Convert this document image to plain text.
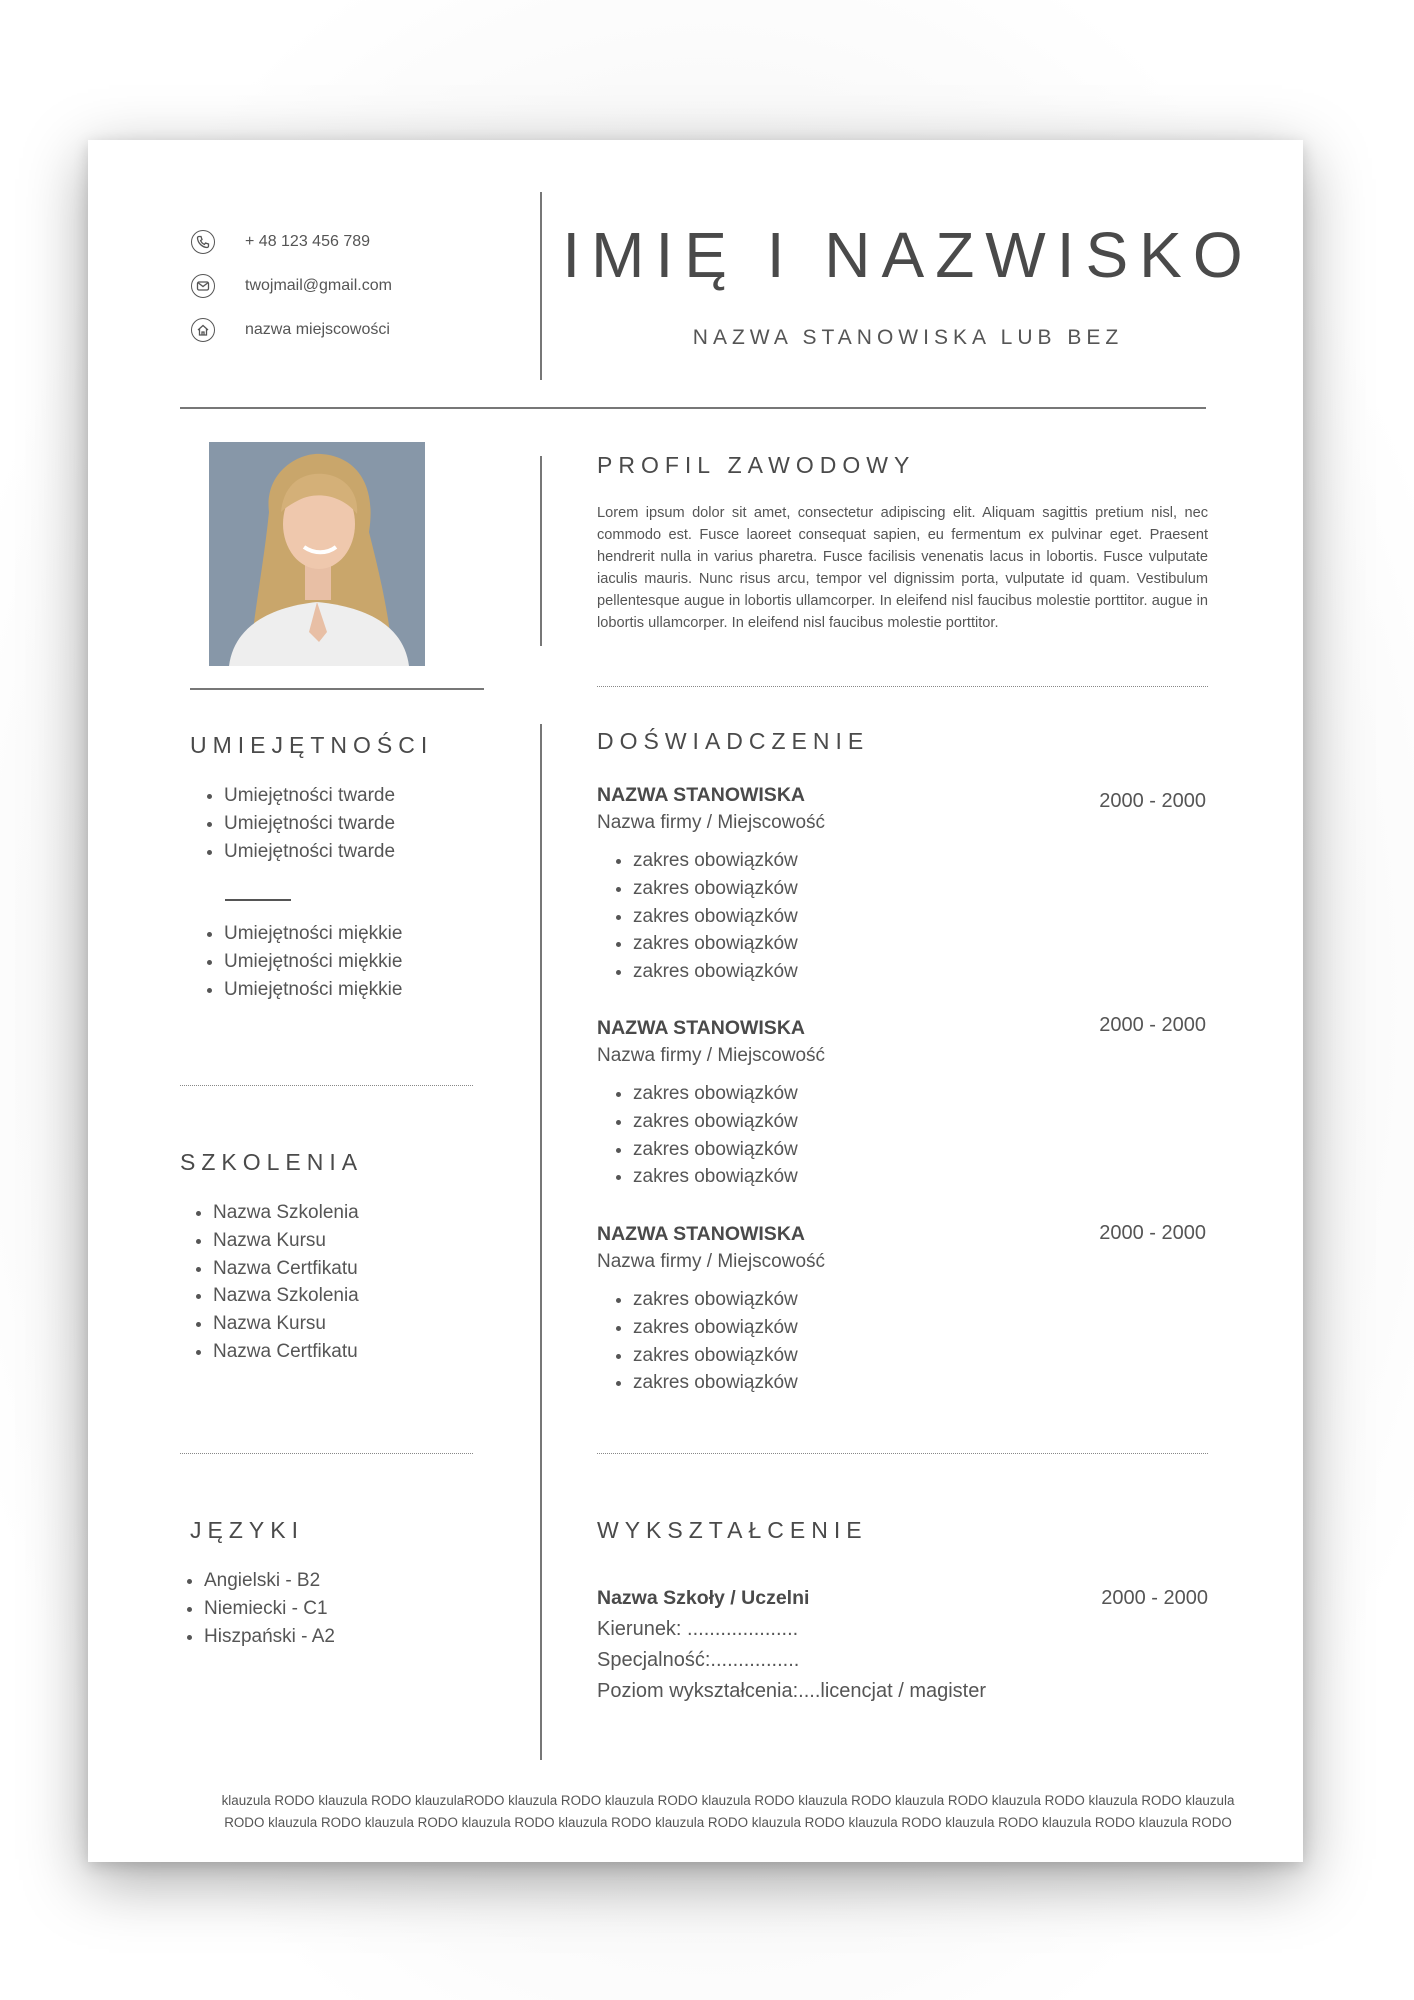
+ 48 123 456 789
twojmail@gmail.com
nazwa miejscowości
IMIĘ I NAZWISKO
NAZWA STANOWISKA LUB BEZ
PROFIL ZAWODOWY
Lorem ipsum dolor sit amet, consectetur adipiscing elit. Aliquam sagittis pretium nisl, nec commodo est. Fusce laoreet consequat sapien, eu fermentum ex pulvinar eget. Praesent hendrerit nulla in varius pharetra. Fusce facilisis venenatis lacus in lobortis. Fusce vulputate iaculis mauris. Nunc risus arcu, tempor vel dignissim porta, vulputate id quam. Vestibulum pellentesque augue in lobortis ullamcorper. In eleifend nisl faucibus molestie porttitor. augue in lobortis ullamcorper. In eleifend nisl faucibus molestie porttitor.
UMIEJĘTNOŚCI
• Umiejętności twarde
• Umiejętności twarde
• Umiejętności twarde
• Umiejętności miękkie
• Umiejętności miękkie
• Umiejętności miękkie
SZKOLENIA
• Nazwa Szkolenia
• Nazwa Kursu
• Nazwa Certfikatu
• Nazwa Szkolenia
• Nazwa Kursu
• Nazwa Certfikatu
JĘZYKI
• Angielski - B2
• Niemiecki - C1
• Hiszpański - A2
DOŚWIADCZENIE
NAZWA STANOWISKA	2000 - 2000
Nazwa firmy / Miejscowość
• zakres obowiązków
• zakres obowiązków
• zakres obowiązków
• zakres obowiązków
• zakres obowiązków
NAZWA STANOWISKA	2000 - 2000
Nazwa firmy / Miejscowość
• zakres obowiązków
• zakres obowiązków
• zakres obowiązków
• zakres obowiązków
NAZWA STANOWISKA	2000 - 2000
Nazwa firmy / Miejscowość
• zakres obowiązków
• zakres obowiązków
• zakres obowiązków
• zakres obowiązków
WYKSZTAŁCENIE
Nazwa Szkoły / Uczelni	2000 - 2000
Kierunek: ....................
Specjalność:................
Poziom wykształcenia:....licencjat / magister
klauzula RODO klauzula RODO klauzulaRODO klauzula RODO klauzula RODO klauzula RODO klauzula RODO klauzula RODO klauzula RODO klauzula RODO klauzula
RODO klauzula RODO klauzula RODO klauzula RODO klauzula RODO klauzula RODO klauzula RODO klauzula RODO klauzula RODO klauzula RODO klauzula RODO
